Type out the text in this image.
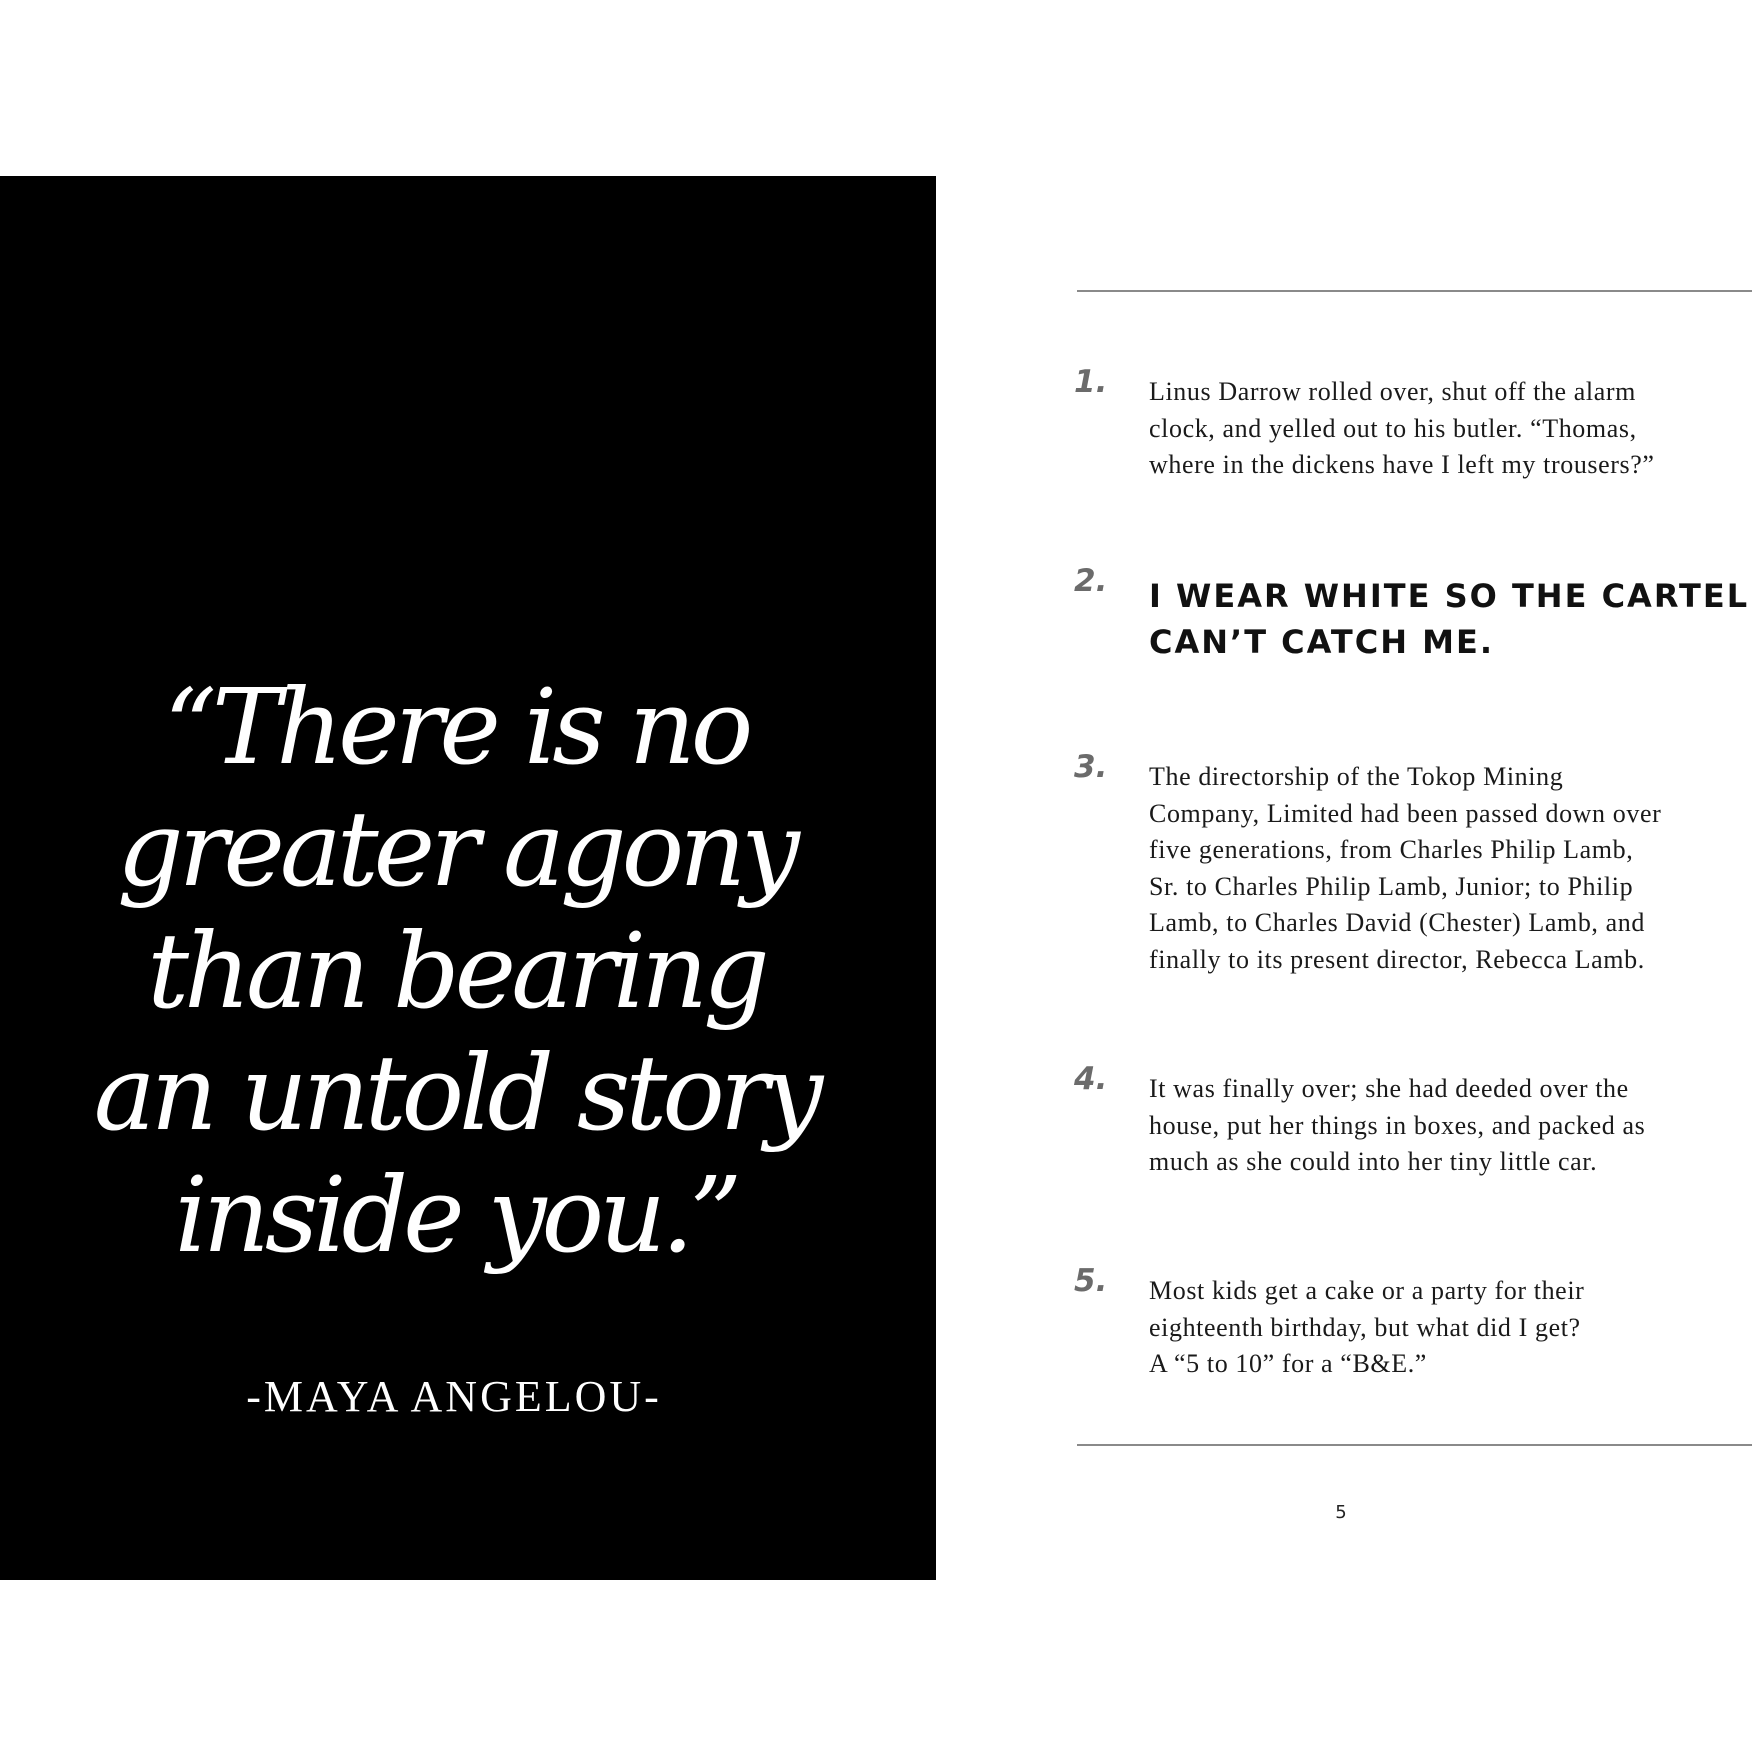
“There is no
greater agony
than bearing
an untold story
inside you.”
-MAYA ANGELOU-
1.	Linus Darrow rolled over, shut off the alarm
clock, and yelled out to his butler. “Thomas,
where in the dickens have I left my trousers?”
2.	I WEAR WHITE SO THE CARTEL
CAN’T CATCH ME.
3.	The directorship of the Tokop Mining
Company, Limited had been passed down over
five generations, from Charles Philip Lamb,
Sr. to Charles Philip Lamb, Junior; to Philip
Lamb, to Charles David (Chester) Lamb, and
finally to its present director, Rebecca Lamb.
4.	It was finally over; she had deeded over the
house, put her things in boxes, and packed as
much as she could into her tiny little car.
5.	Most kids get a cake or a party for their
eighteenth birthday, but what did I get?
A “5 to 10” for a “B&E.”
5
